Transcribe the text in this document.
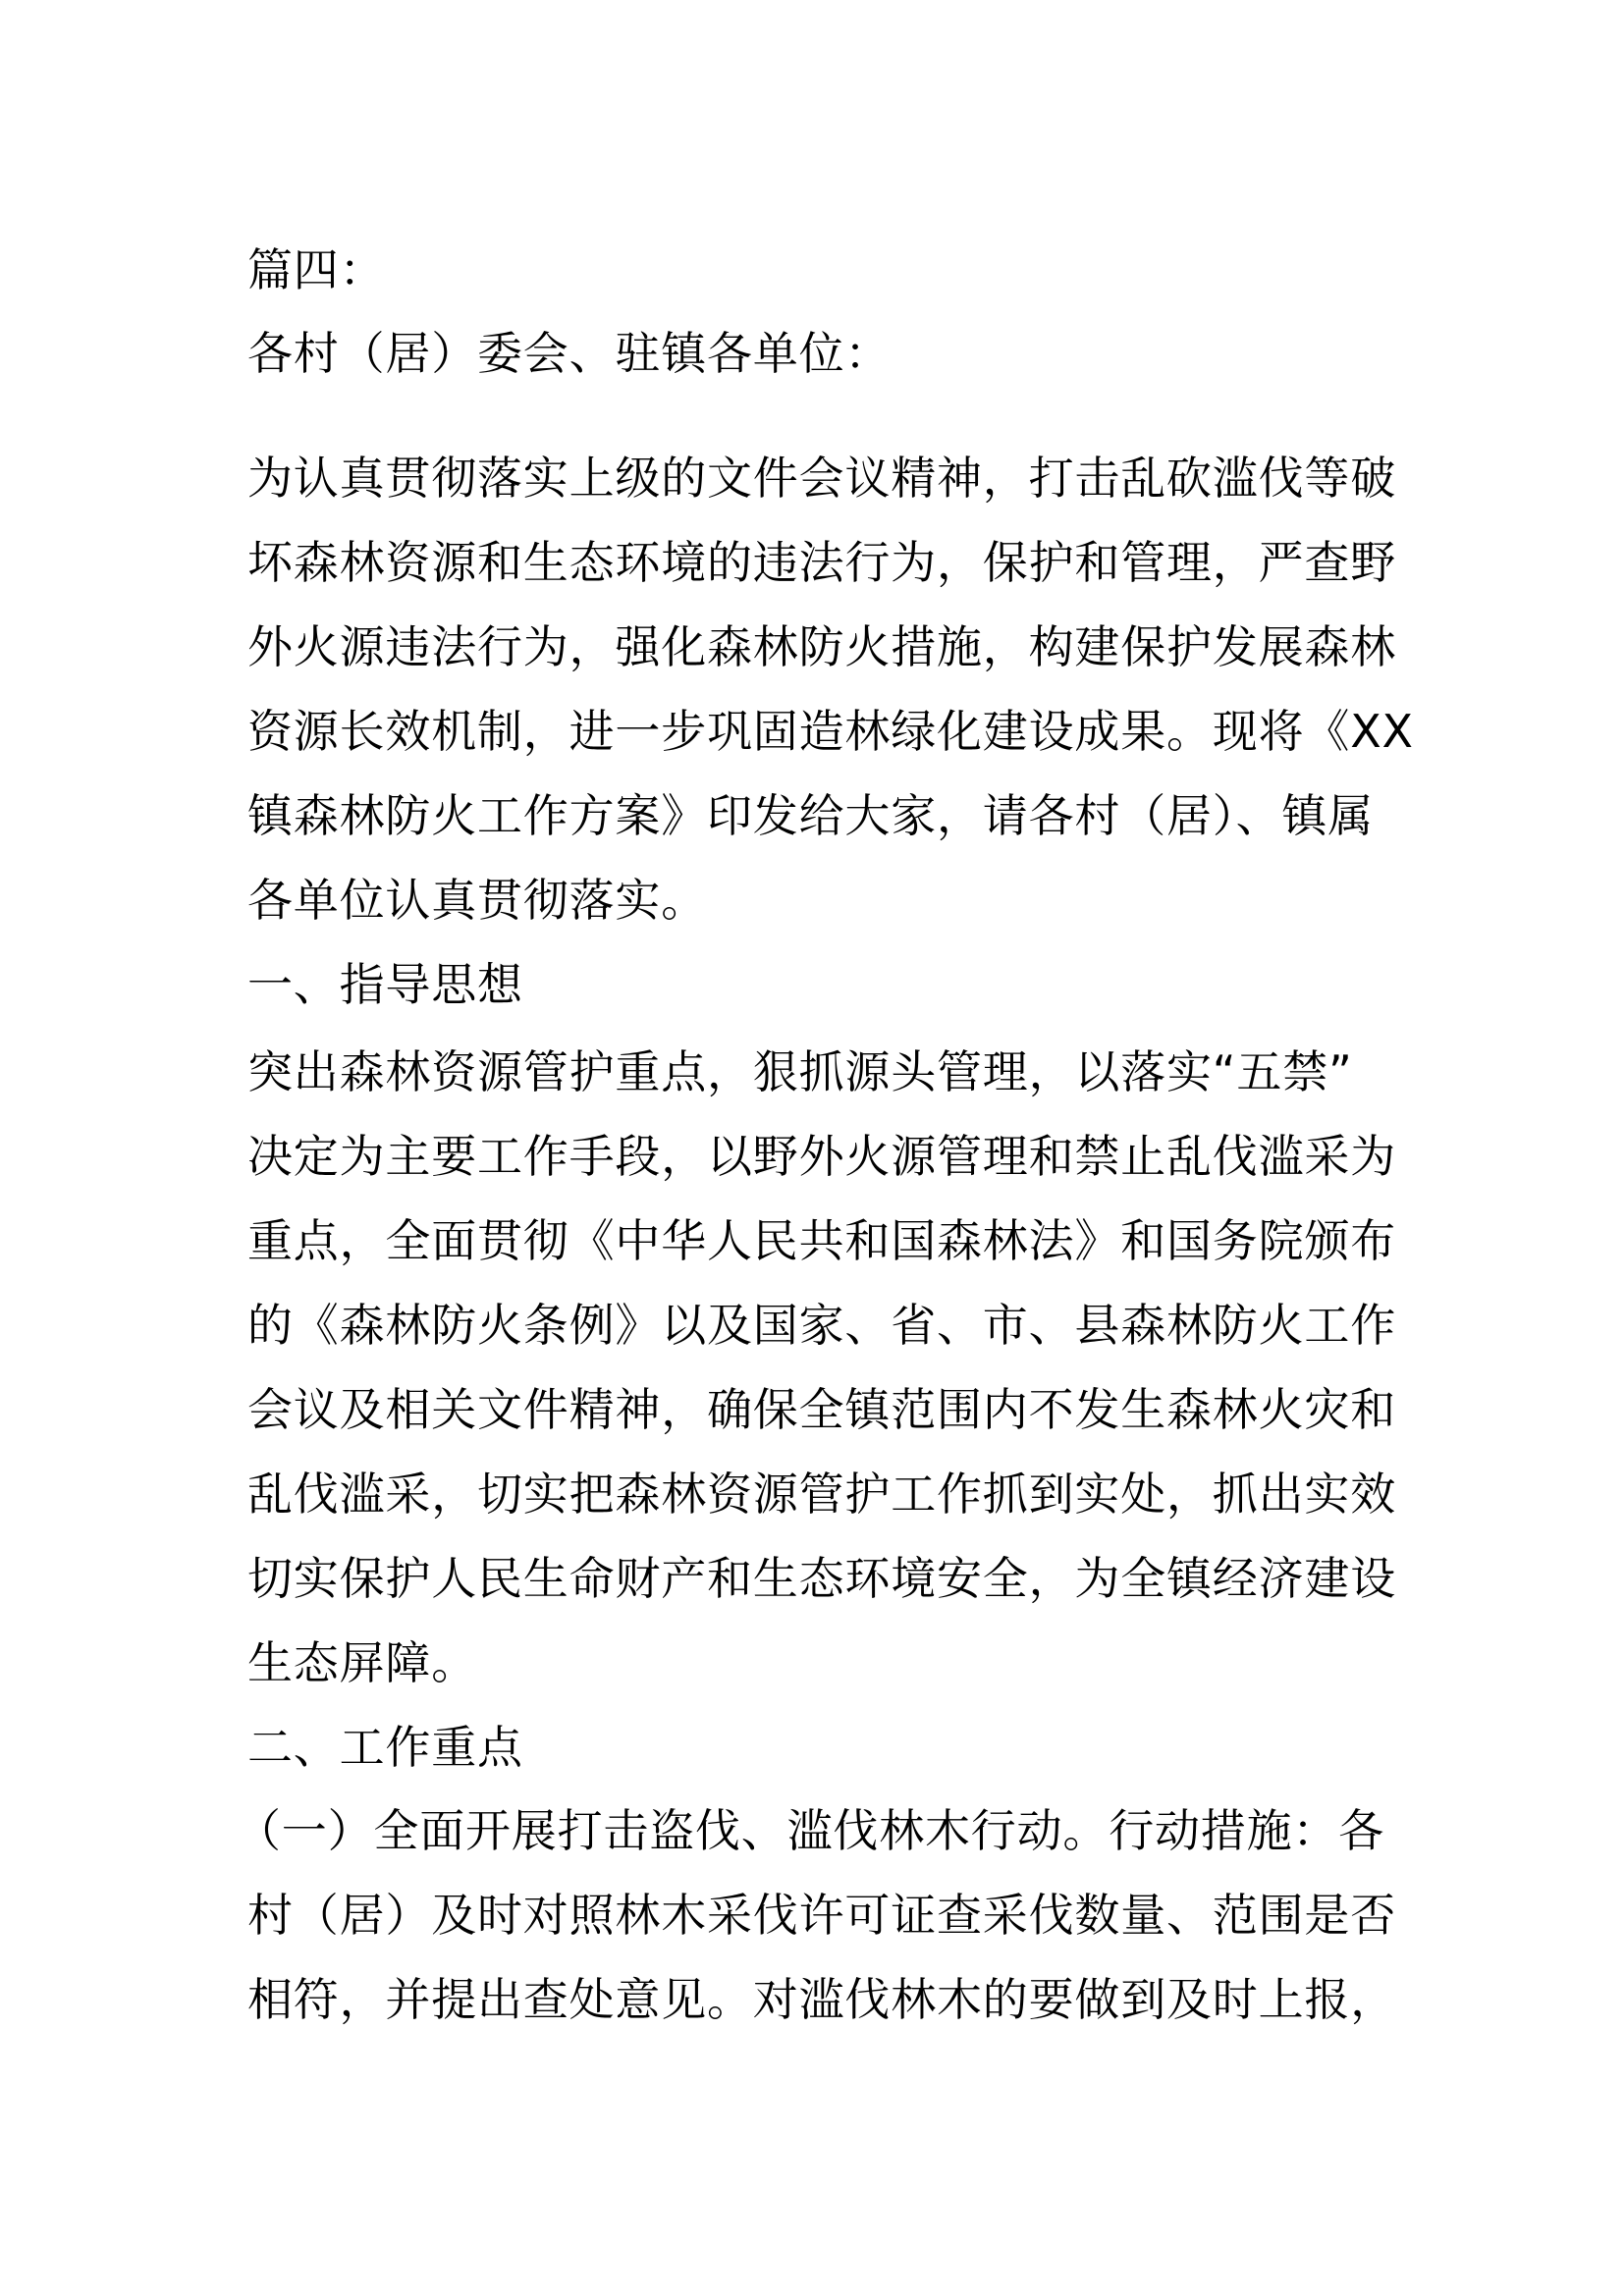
篇四：
各村（居）委会、驻镇各单位：
为认真贯彻落实上级的文件会议精神，打击乱砍滥伐等破
坏森林资源和生态环境的违法行为，保护和管理，严查野
外火源违法行为，强化森林防火措施，构建保护发展森林
资源长效机制，进一步巩固造林绿化建设成果。现将《XX
镇森林防火工作方案》印发给大家，请各村（居）、镇属
各单位认真贯彻落实。
一、指导思想
突出森林资源管护重点，狠抓源头管理，以落实“五禁”
决定为主要工作手段，以野外火源管理和禁止乱伐滥采为
重点，全面贯彻《中华人民共和国森林法》和国务院颁布
的《森林防火条例》以及国家、省、市、县森林防火工作
会议及相关文件精神，确保全镇范围内不发生森林火灾和
乱伐滥采，切实把森林资源管护工作抓到实处，抓出实效
切实保护人民生命财产和生态环境安全，为全镇经济建设
生态屏障。
二、工作重点
（一）全面开展打击盗伐、滥伐林木行动。行动措施：各
村（居）及时对照林木采伐许可证查采伐数量、范围是否
相符，并提出查处意见。对滥伐林木的要做到及时上报，
